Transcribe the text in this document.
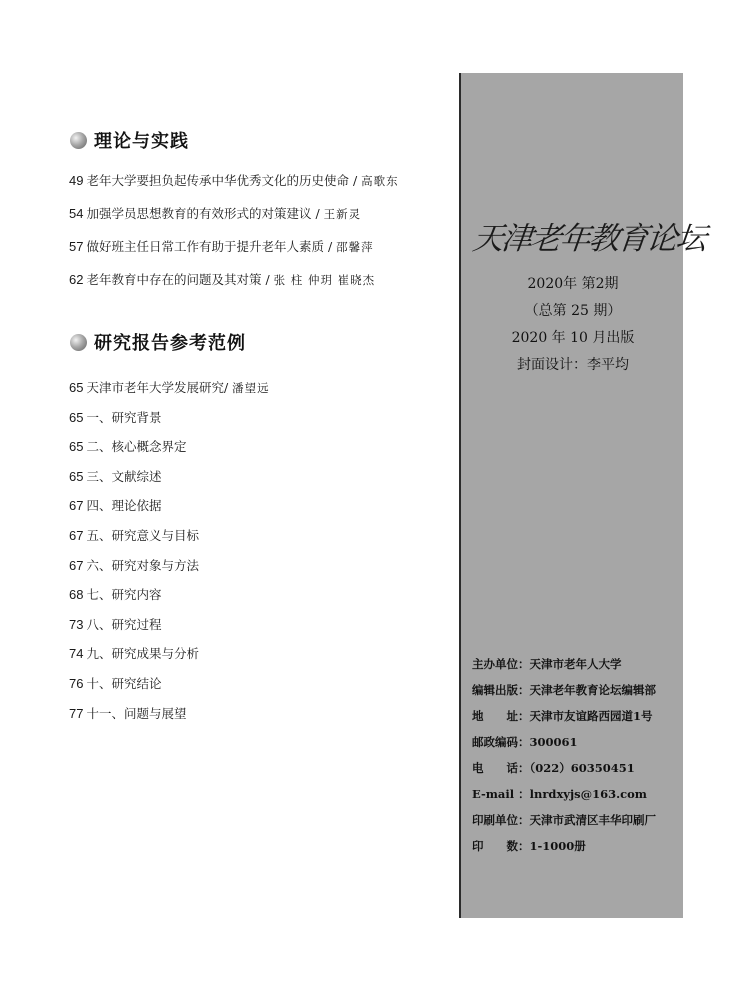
理论与实践
49 老年大学要担负起传承中华优秀文化的历史使命 / 高歌东
54 加强学员思想教育的有效形式的对策建议 / 王新灵
57 做好班主任日常工作有助于提升老年人素质 / 邵馨萍
62 老年教育中存在的问题及其对策 / 张 柱 仲玥 崔晓杰
研究报告参考范例
65 天津市老年大学发展研究/ 潘望远
65 一、研究背景
65 二、核心概念界定
65 三、文献综述
67 四、理论依据
67 五、研究意义与目标
67 六、研究对象与方法
68 七、研究内容
73 八、研究过程
74 九、研究成果与分析
76 十、研究结论
77 十一、问题与展望
天津老年教育论坛
2020年 第2期
（总第 25 期）
2020 年 10 月出版
封面设计：李平均
主办单位：天津市老年人大学
编辑出版：天津老年教育论坛编辑部
地　　址：天津市友谊路西园道1号
邮政编码：300061
电　　话：（022）60350451
E-mail ：lnrdxyjs@163.com
印刷单位：天津市武清区丰华印刷厂
印　　数：1-1000册
